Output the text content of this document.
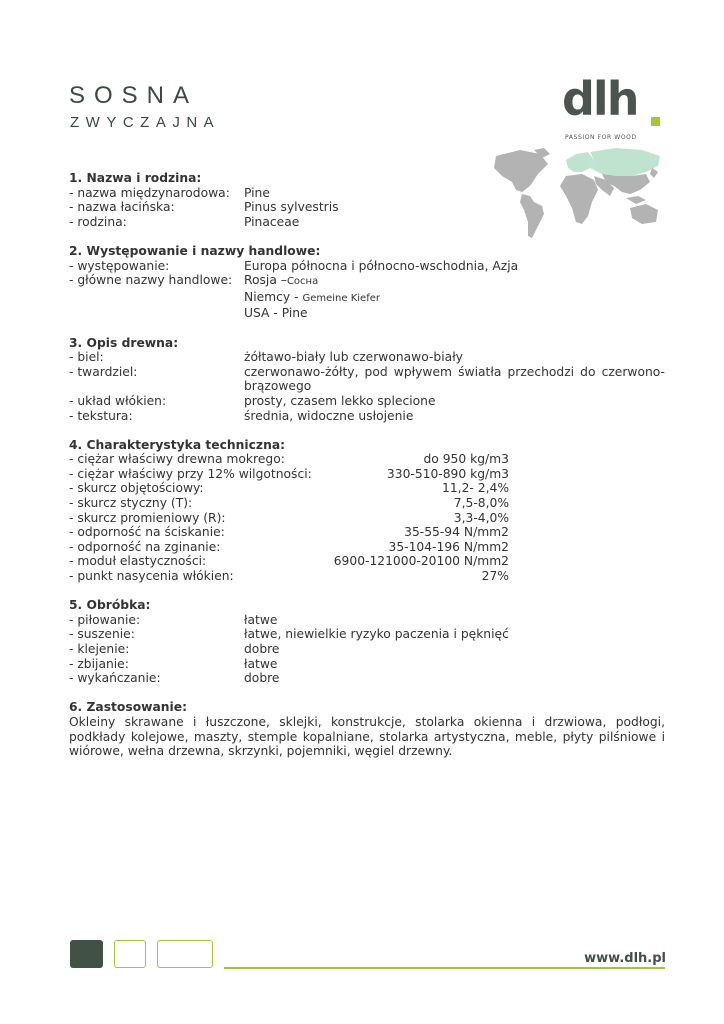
SOSNA
ZWYCZAJNA	dlh
PASSION FOR WOOD
1. Nazwa i rodzina:
- nazwa międzynarodowa:	Pine
- nazwa łacińska:	Pinus sylvestris
- rodzina:	Pinaceae
2. Występowanie i nazwy handlowe:
- występowanie:	Europa północna i północno-wschodnia, Azja
- główne nazwy handlowe: Rosja –Сосна
Niemcy - Gemeine Kiefer
USA - Pine
3. Opis drewna:
- biel:	żółtawo-biały lub czerwonawo-biały
- twardziel:	czerwonawo-żółty, pod wpływem światła przechodzi do czerwono-brązowego
- układ włókien:	prosty, czasem lekko splecione
- tekstura:	średnia, widoczne usłojenie
4. Charakterystyka techniczna:
- ciężar właściwy drewna mokrego:	do 950 kg/m3
- ciężar właściwy przy 12% wilgotności:	330-510-890 kg/m3
- skurcz objętościowy:	11,2- 2,4%
- skurcz styczny (T):	7,5-8,0%
- skurcz promieniowy (R):	3,3-4,0%
- odporność na ściskanie:	35-55-94 N/mm2
- odporność na zginanie:	35-104-196 N/mm2
- moduł elastyczności:	6900-121000-20100 N/mm2
- punkt nasycenia włókien:	27%
5. Obróbka:
- piłowanie:	łatwe
- suszenie:	łatwe, niewielkie ryzyko paczenia i pęknięć
- klejenie:	dobre
- zbijanie:	łatwe
- wykańczanie:	dobre
6. Zastosowanie:
Okleiny skrawane i łuszczone, sklejki, konstrukcje, stolarka okienna i drzwiowa, podłogi, podkłady kolejowe, maszty, stemple kopalniane, stolarka artystyczna, meble, płyty pilśniowe i wiórowe, wełna drzewna, skrzynki, pojemniki, węgiel drzewny.
www.dlh.pl
